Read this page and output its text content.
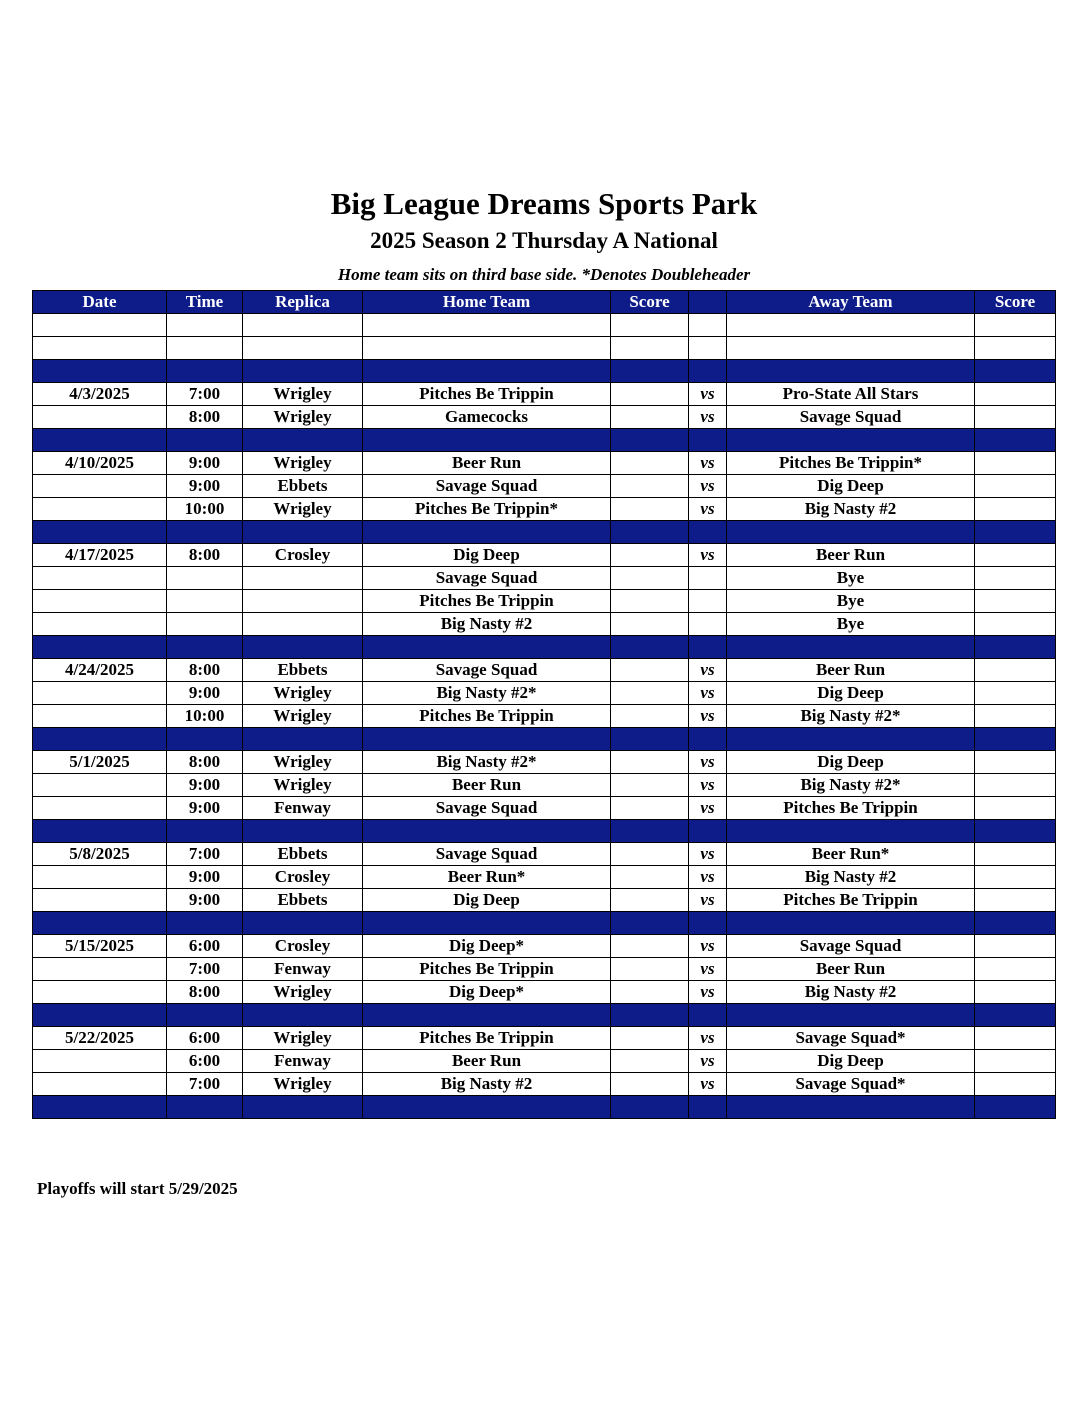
Big League Dreams Sports Park
2025 Season 2 Thursday A National
Home team sits on third base side. *Denotes Doubleheader
Date	Time	Replica	Home Team	Score		Away Team	Score

4/3/2025	7:00	Wrigley	Pitches Be Trippin		vs	Pro-State All Stars	
	8:00	Wrigley	Gamecocks		vs	Savage Squad	

4/10/2025	9:00	Wrigley	Beer Run		vs	Pitches Be Trippin*	
	9:00	Ebbets	Savage Squad		vs	Dig Deep	
	10:00	Wrigley	Pitches Be Trippin*		vs	Big Nasty #2	

4/17/2025	8:00	Crosley	Dig Deep		vs	Beer Run	
			Savage Squad			Bye	
			Pitches Be Trippin			Bye	
			Big Nasty #2			Bye	

4/24/2025	8:00	Ebbets	Savage Squad		vs	Beer Run	
	9:00	Wrigley	Big Nasty #2*		vs	Dig Deep	
	10:00	Wrigley	Pitches Be Trippin		vs	Big Nasty #2*	

5/1/2025	8:00	Wrigley	Big Nasty #2*		vs	Dig Deep	
	9:00	Wrigley	Beer Run		vs	Big Nasty #2*	
	9:00	Fenway	Savage Squad		vs	Pitches Be Trippin	

5/8/2025	7:00	Ebbets	Savage Squad		vs	Beer Run*	
	9:00	Crosley	Beer Run*		vs	Big Nasty #2	
	9:00	Ebbets	Dig Deep		vs	Pitches Be Trippin	

5/15/2025	6:00	Crosley	Dig Deep*		vs	Savage Squad	
	7:00	Fenway	Pitches Be Trippin		vs	Beer Run	
	8:00	Wrigley	Dig Deep*		vs	Big Nasty #2	

5/22/2025	6:00	Wrigley	Pitches Be Trippin		vs	Savage Squad*	
	6:00	Fenway	Beer Run		vs	Dig Deep	
	7:00	Wrigley	Big Nasty #2		vs	Savage Squad*	

Playoffs will start 5/29/2025
